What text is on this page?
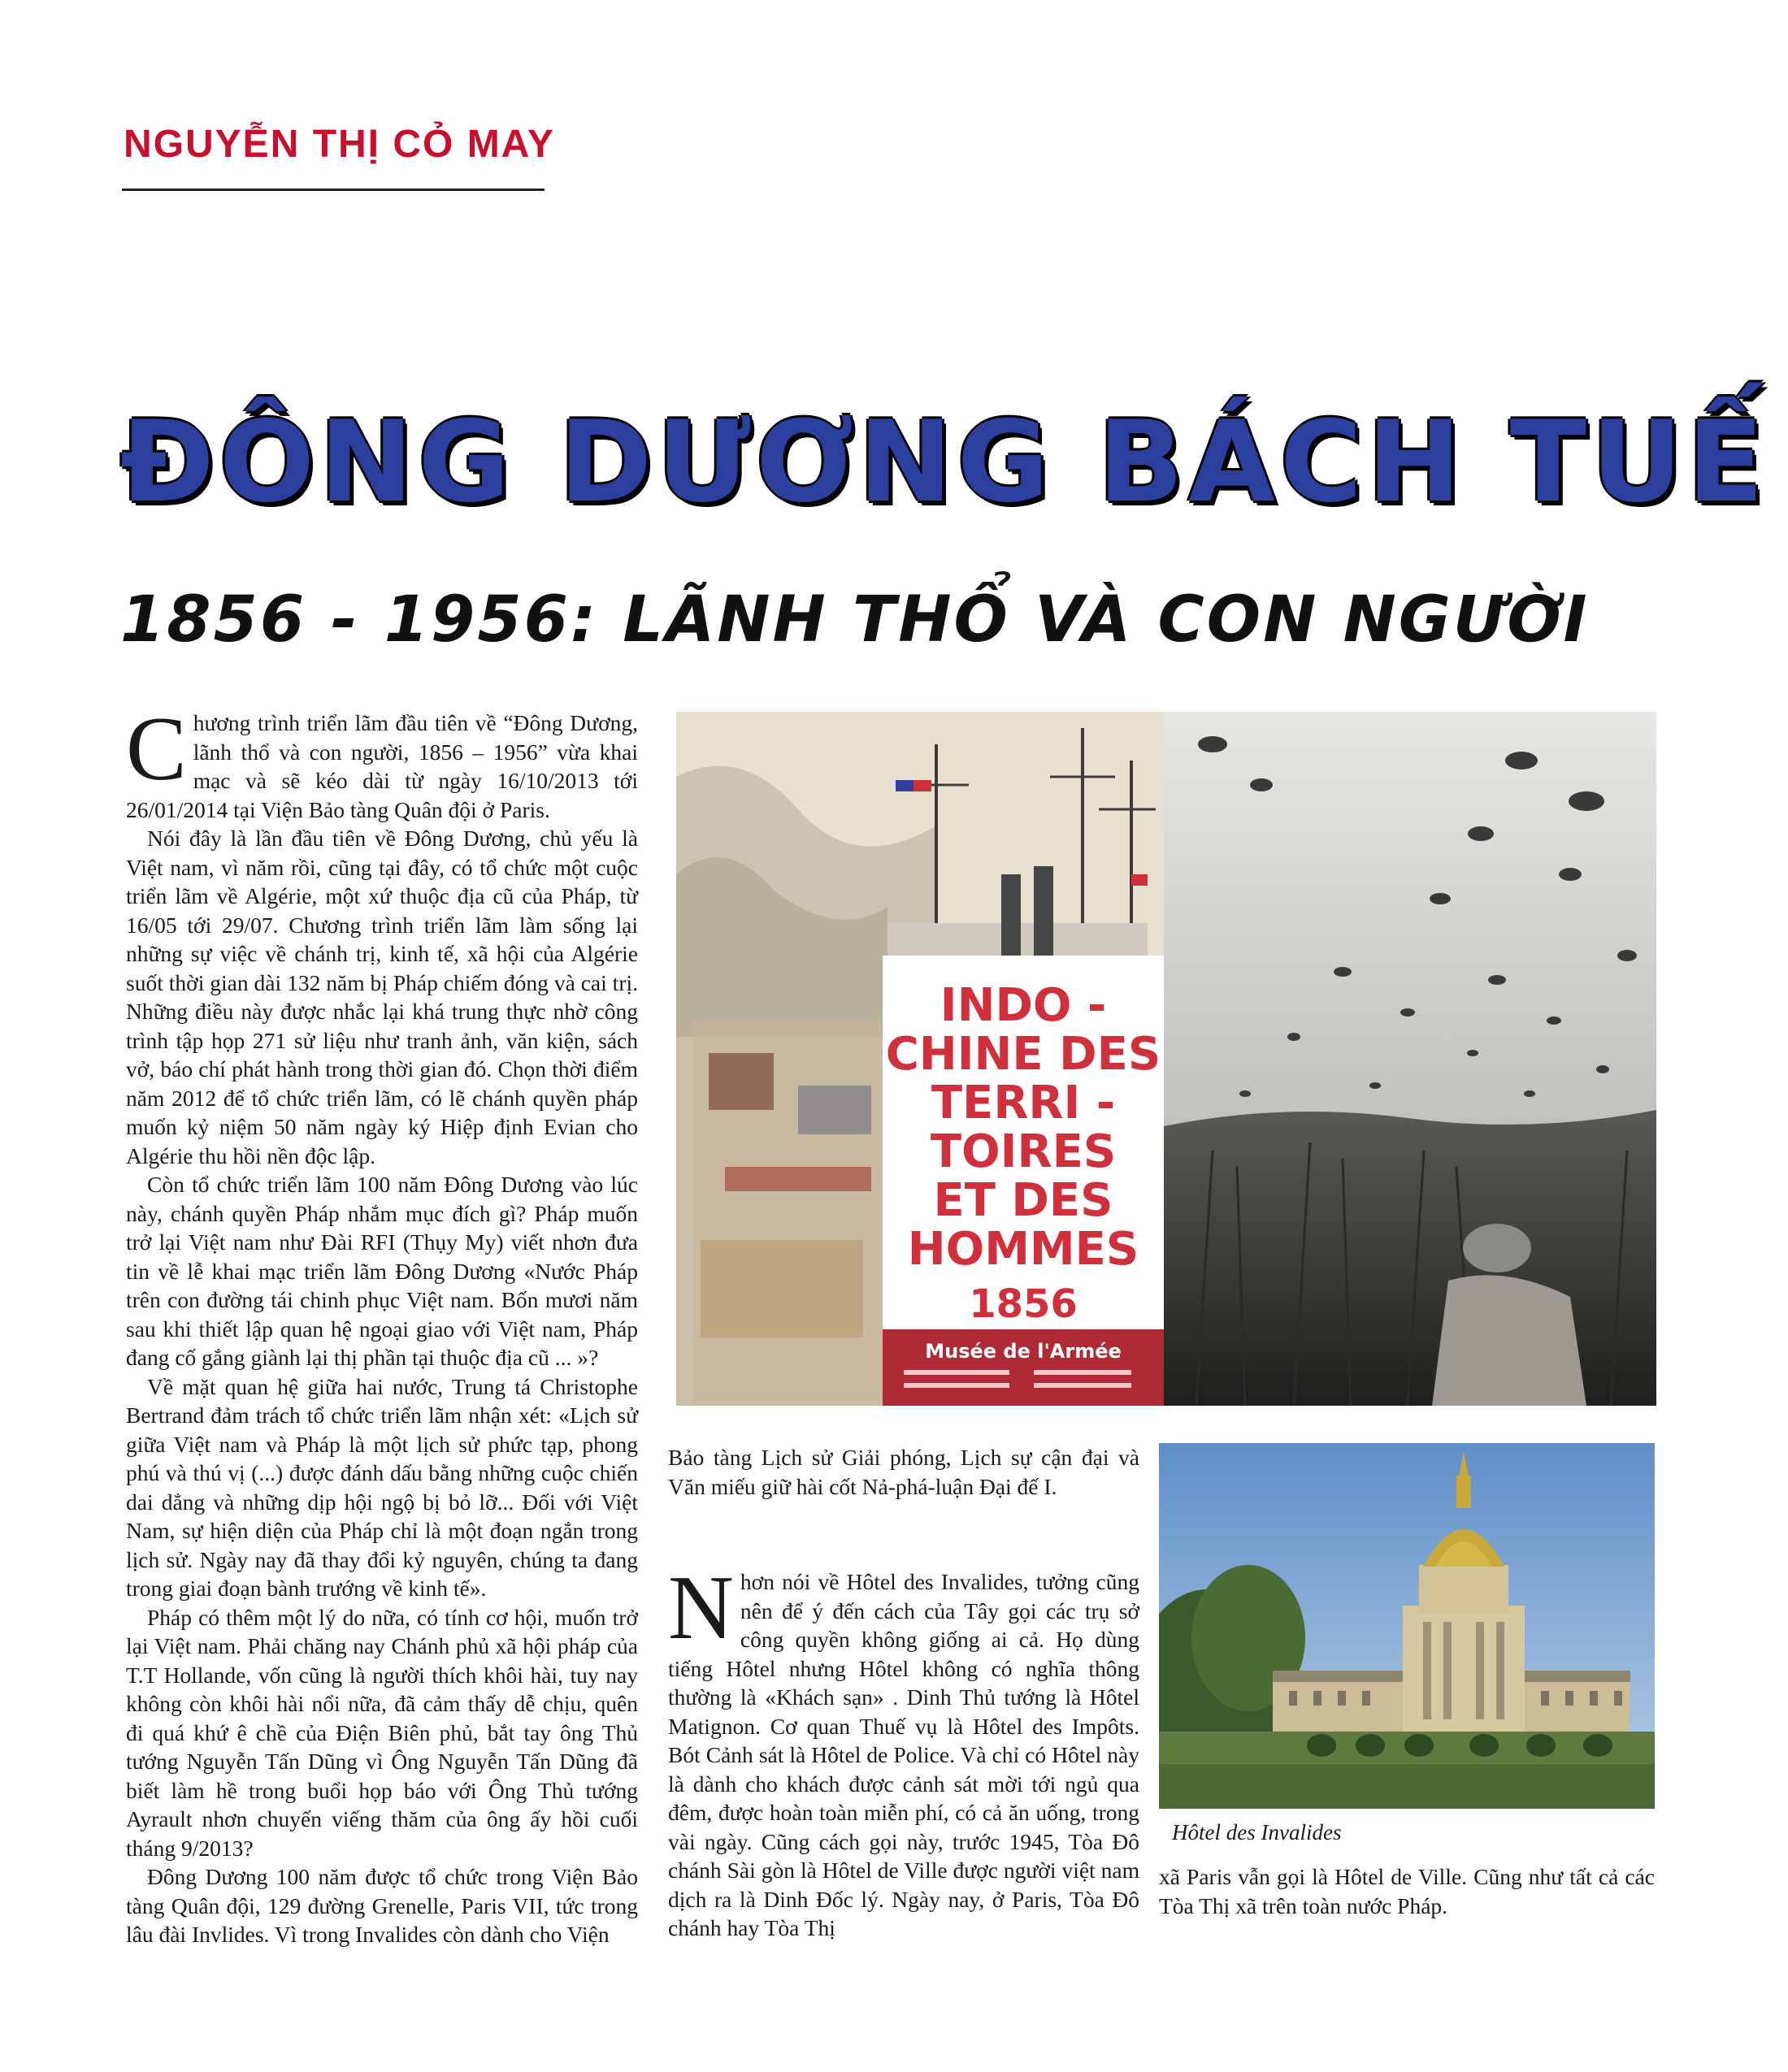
NGUYỄN THỊ CỎ MAY
ĐÔNG DƯƠNG BÁCH TUẾ
1856 - 1956: LÃNH THỔ VÀ CON NGƯỜI

Chương trình triển lãm đầu tiên về “Đông Dương, lãnh thổ và con người, 1856 – 1956” vừa khai mạc và sẽ kéo dài từ ngày 16/10/2013 tới 26/01/2014 tại Viện Bảo tàng Quân đội ở Paris.

Nói đây là lần đầu tiên về Đông Dương, chủ yếu là Việt nam, vì năm rồi, cũng tại đây, có tổ chức một cuộc triển lãm về Algérie, một xứ thuộc địa cũ của Pháp, từ 16/05 tới 29/07. Chương trình triển lãm làm sống lại những sự việc về chánh trị, kinh tế, xã hội của Algérie suốt thời gian dài 132 năm bị Pháp chiếm đóng và cai trị. Những điều này được nhắc lại khá trung thực nhờ công trình tập họp 271 sử liệu như tranh ảnh, văn kiện, sách vở, báo chí phát hành trong thời gian đó. Chọn thời điểm năm 2012 để tổ chức triển lãm, có lẽ chánh quyền pháp muốn kỷ niệm 50 năm ngày ký Hiệp định Evian cho Algérie thu hồi nền độc lập.

Còn tổ chức triển lãm 100 năm Đông Dương vào lúc này, chánh quyền Pháp nhắm mục đích gì? Pháp muốn trở lại Việt nam như Đài RFI (Thụy My) viết nhơn đưa tin về lễ khai mạc triển lãm Đông Dương «Nước Pháp trên con đường tái chinh phục Việt nam. Bốn mươi năm sau khi thiết lập quan hệ ngoại giao với Việt nam, Pháp đang cố gắng giành lại thị phần tại thuộc địa cũ ... »?

Về mặt quan hệ giữa hai nước, Trung tá Christophe Bertrand đảm trách tổ chức triển lãm nhận xét: «Lịch sử giữa Việt nam và Pháp là một lịch sử phức tạp, phong phú và thú vị (...) được đánh dấu bằng những cuộc chiến dai dẳng và những dịp hội ngộ bị bỏ lỡ... Đối với Việt Nam, sự hiện diện của Pháp chỉ là một đoạn ngắn trong lịch sử. Ngày nay đã thay đổi kỷ nguyên, chúng ta đang trong giai đoạn bành trướng về kinh tế».

Pháp có thêm một lý do nữa, có tính cơ hội, muốn trở lại Việt nam. Phải chăng nay Chánh phủ xã hội pháp của T.T Hollande, vốn cũng là người thích khôi hài, tuy nay không còn khôi hài nổi nữa, đã cảm thấy dễ chịu, quên đi quá khứ ê chề của Điện Biên phủ, bắt tay ông Thủ tướng Nguyễn Tấn Dũng vì Ông Nguyễn Tấn Dũng đã biết làm hề trong buổi họp báo với Ông Thủ tướng Ayrault nhơn chuyến viếng thăm của ông ấy hồi cuối tháng 9/2013?

Đông Dương 100 năm được tổ chức trong Viện Bảo tàng Quân đội, 129 đường Grenelle, Paris VII, tức trong lâu đài Invlides. Vì trong Invalides còn dành cho Viện

INDO -
CHINE DES
TERRI -
TOIRES
ET DES
HOMMES
1856
Musée de l'Armée

Bảo tàng Lịch sử Giải phóng, Lịch sự cận đại và Văn miếu giữ hài cốt Nả-phá-luận Đại đế I.

Nhơn nói về Hôtel des Invalides, tưởng cũng nên để ý đến cách của Tây gọi các trụ sở công quyền không giống ai cả. Họ dùng tiếng Hôtel nhưng Hôtel không có nghĩa thông thường là «Khách sạn» . Dinh Thủ tướng là Hôtel Matignon. Cơ quan Thuế vụ là Hôtel des Impôts. Bót Cảnh sát là Hôtel de Police. Và chỉ có Hôtel này là dành cho khách được cảnh sát mời tới ngủ qua đêm, được hoàn toàn miễn phí, có cả ăn uống, trong vài ngày. Cũng cách gọi này, trước 1945, Tòa Đô chánh Sài gòn là Hôtel de Ville được người việt nam dịch ra là Dinh Đốc lý. Ngày nay, ở Paris, Tòa Đô chánh hay Tòa Thị

Hôtel des Invalides

xã Paris vẫn gọi là Hôtel de Ville. Cũng như tất cả các Tòa Thị xã trên toàn nước Pháp.
